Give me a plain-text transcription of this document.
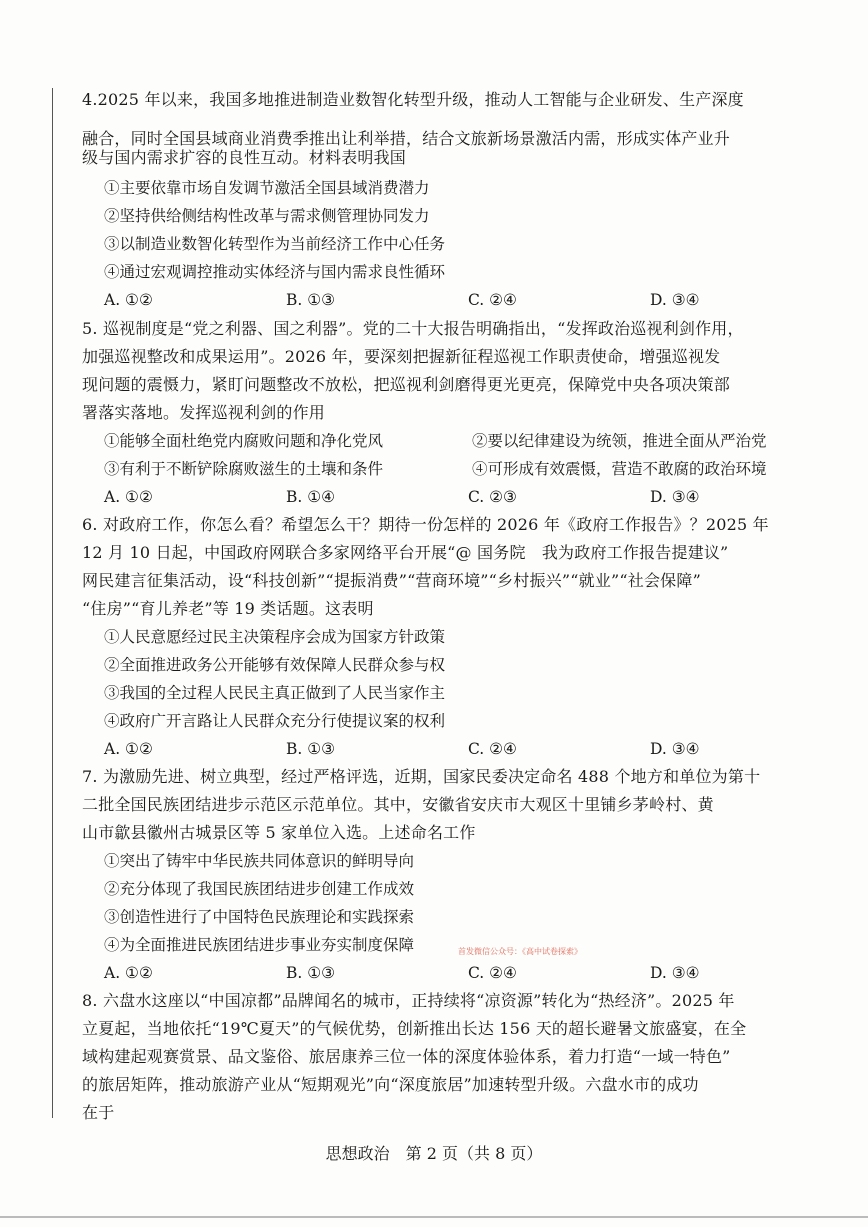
4.2025 年以来，我国多地推进制造业数智化转型升级，推动人工智能与企业研发、生产深度
融合，同时全国县域商业消费季推出让利举措，结合文旅新场景激活内需，形成实体产业升
级与国内需求扩容的良性互动。材料表明我国
①主要依靠市场自发调节激活全国县域消费潜力
②坚持供给侧结构性改革与需求侧管理协同发力
③以制造业数智化转型作为当前经济工作中心任务
④通过宏观调控推动实体经济与国内需求良性循环
A. ①②	B. ①③	C. ②④	D. ③④
5. 巡视制度是“党之利器、国之利器”。党的二十大报告明确指出，“发挥政治巡视利剑作用，
加强巡视整改和成果运用”。2026 年，要深刻把握新征程巡视工作职责使命，增强巡视发
现问题的震慑力，紧盯问题整改不放松，把巡视利剑磨得更光更亮，保障党中央各项决策部
署落实落地。发挥巡视利剑的作用
①能够全面杜绝党内腐败问题和净化党风	②要以纪律建设为统领，推进全面从严治党
③有利于不断铲除腐败滋生的土壤和条件	④可形成有效震慑，营造不敢腐的政治环境
A. ①②	B. ①④	C. ②③	D. ③④
6. 对政府工作，你怎么看？希望怎么干？期待一份怎样的 2026 年《政府工作报告》？2025 年
12 月 10 日起，中国政府网联合多家网络平台开展“@ 国务院　我为政府工作报告提建议”
网民建言征集活动，设“科技创新”“提振消费”“营商环境”“乡村振兴”“就业”“社会保障”
“住房”“育儿养老”等 19 类话题。这表明
①人民意愿经过民主决策程序会成为国家方针政策
②全面推进政务公开能够有效保障人民群众参与权
③我国的全过程人民民主真正做到了人民当家作主
④政府广开言路让人民群众充分行使提议案的权利
A. ①②	B. ①③	C. ②④	D. ③④
7. 为激励先进、树立典型，经过严格评选，近期，国家民委决定命名 488 个地方和单位为第十
二批全国民族团结进步示范区示范单位。其中，安徽省安庆市大观区十里铺乡茅岭村、黄
山市歙县徽州古城景区等 5 家单位入选。上述命名工作
①突出了铸牢中华民族共同体意识的鲜明导向
②充分体现了我国民族团结进步创建工作成效
③创造性进行了中国特色民族理论和实践探索
④为全面推进民族团结进步事业夯实制度保障
A. ①②	B. ①③	C. ②④	D. ③④
首发微信公众号：《高中试卷探索》
8. 六盘水这座以“中国凉都”品牌闻名的城市，正持续将“凉资源”转化为“热经济”。2025 年
立夏起，当地依托“19℃夏天”的气候优势，创新推出长达 156 天的超长避暑文旅盛宴，在全
域构建起观赛赏景、品文鉴俗、旅居康养三位一体的深度体验体系，着力打造“一域一特色”
的旅居矩阵，推动旅游产业从“短期观光”向“深度旅居”加速转型升级。六盘水市的成功
在于
思想政治　第 2 页（共 8 页）
